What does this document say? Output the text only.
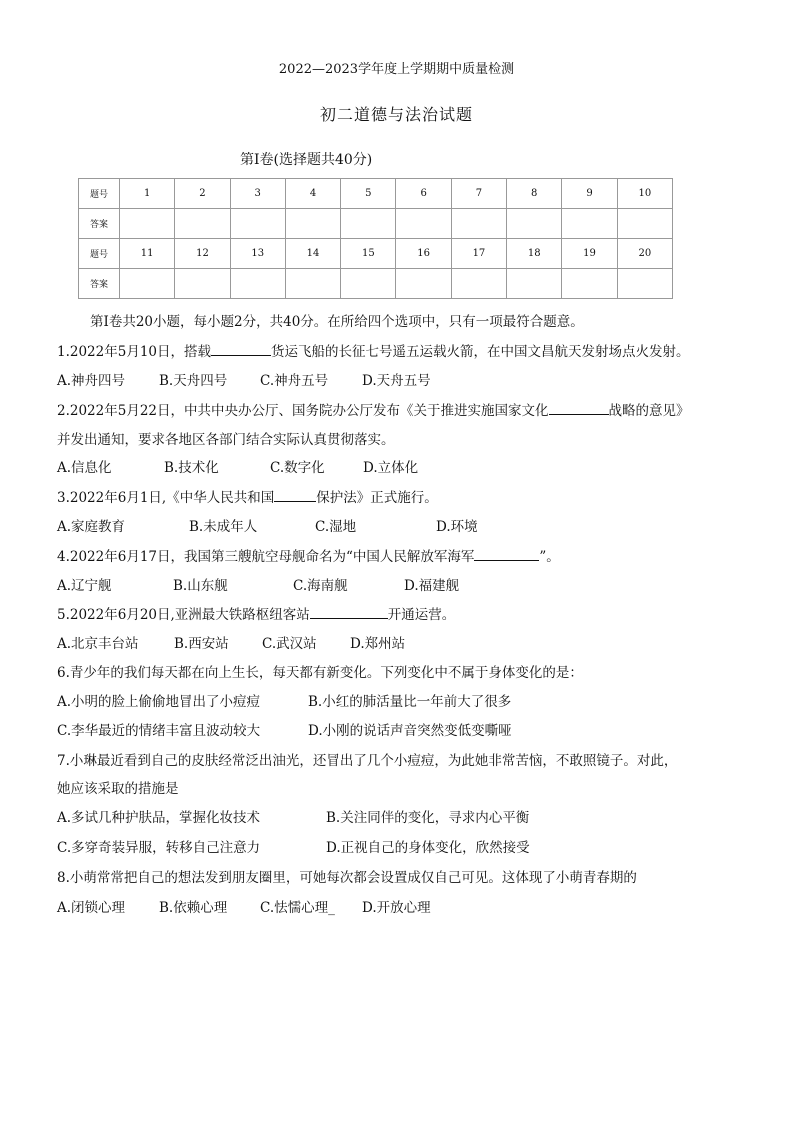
2022—2023学年度上学期期中质量检测
初二道德与法治试题
第Ⅰ卷(选择题共40分)
题号	1	2	3	4	5	6	7	8	9	10
答案										
题号	11	12	13	14	15	16	17	18	19	20
答案										
第Ⅰ卷共20小题，每小题2分，共40分。在所给四个选项中，只有一项最符合题意。
1.2022年5月10日，搭载	货运飞船的长征七号遥五运载火箭，在中国文昌航天发射场点火发射。
A.神舟四号	B.天舟四号 C.神舟五号	D.天舟五号
2.2022年5月22日，中共中央办公厅、国务院办公厅发布《关于推进实施国家文化	战略的意见》
并发出通知，要求各地区各部门结合实际认真贯彻落实。
A.信息化	B.技术化	C.数字化	D.立体化
3.2022年6月1日,《中华人民共和国	保护法》正式施行。
A.家庭教育	B.未成年人	C.湿地	D.环境
4.2022年6月17日，我国第三艘航空母舰命名为“中国人民解放军海军	”。
A.辽宁舰	B.山东舰	C.海南舰	D.福建舰
5.2022年6月20日,亚洲最大铁路枢纽客站	开通运营。
A.北京丰台站	B.西安站 C.武汉站 D.郑州站
6.青少年的我们每天都在向上生长，每天都有新变化。下列变化中不属于身体变化的是：
A.小明的脸上偷偷地冒出了小痘痘	B.小红的肺活量比一年前大了很多
C.李华最近的情绪丰富且波动较大	D.小刚的说话声音突然变低变嘶哑
7.小琳最近看到自己的皮肤经常泛出油光，还冒出了几个小痘痘，为此她非常苦恼，不敢照镜子。对此，
她应该采取的措施是
A.多试几种护肤品，掌握化妆技术	B.关注同伴的变化，寻求内心平衡
C.多穿奇装异服，转移自己注意力	D.正视自己的身体变化，欣然接受
8.小萌常常把自己的想法发到朋友圈里，可她每次都会设置成仅自己可见。这体现了小萌青春期的
A.闭锁心理	B.依赖心理 C.怯懦心理_ D.开放心理
